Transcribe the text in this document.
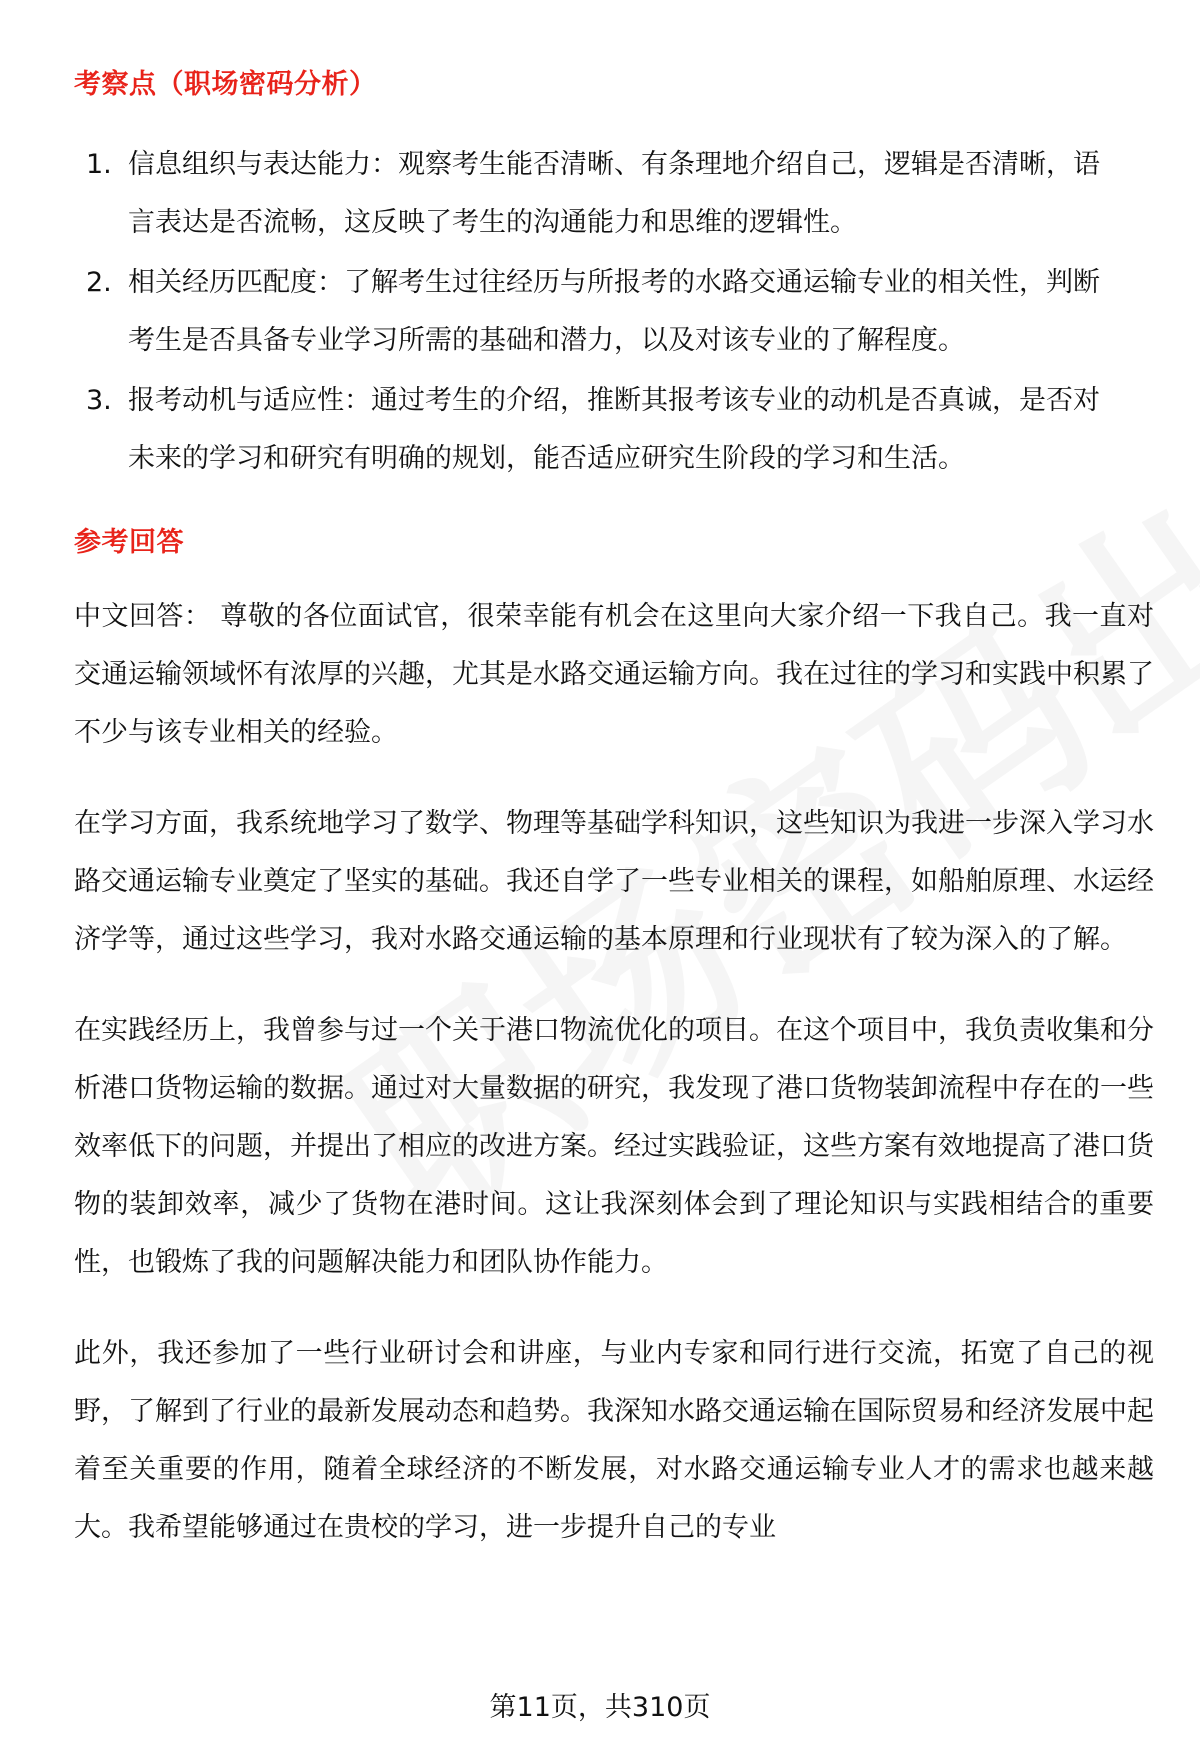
考察点（职场密码分析）
1. 信息组织与表达能力：观察考生能否清晰、有条理地介绍自己，逻辑是否清晰，语言表达是否流畅，这反映了考生的沟通能力和思维的逻辑性。
2. 相关经历匹配度：了解考生过往经历与所报考的水路交通运输专业的相关性，判断考生是否具备专业学习所需的基础和潜力，以及对该专业的了解程度。
3. 报考动机与适应性：通过考生的介绍，推断其报考该专业的动机是否真诚，是否对未来的学习和研究有明确的规划，能否适应研究生阶段的学习和生活。
参考回答

中文回答： 尊敬的各位面试官，很荣幸能有机会在这里向大家介绍一下我自己。我一直对交通运输领域怀有浓厚的兴趣，尤其是水路交通运输方向。我在过往的学习和实践中积累了不少与该专业相关的经验。

在学习方面，我系统地学习了数学、物理等基础学科知识，这些知识为我进一步深入学习水路交通运输专业奠定了坚实的基础。我还自学了一些专业相关的课程，如船舶原理、水运经济学等，通过这些学习，我对水路交通运输的基本原理和行业现状有了较为深入的了解。

在实践经历上，我曾参与过一个关于港口物流优化的项目。在这个项目中，我负责收集和分析港口货物运输的数据。通过对大量数据的研究，我发现了港口货物装卸流程中存在的一些效率低下的问题，并提出了相应的改进方案。经过实践验证，这些方案有效地提高了港口货物的装卸效率，减少了货物在港时间。这让我深刻体会到了理论知识与实践相结合的重要性，也锻炼了我的问题解决能力和团队协作能力。

此外，我还参加了一些行业研讨会和讲座，与业内专家和同行进行交流，拓宽了自己的视野，了解到了行业的最新发展动态和趋势。我深知水路交通运输在国际贸易和经济发展中起着至关重要的作用，随着全球经济的不断发展，对水路交通运输专业人才的需求也越来越大。我希望能够通过在贵校的学习，进一步提升自己的专业

第11页，共310页
